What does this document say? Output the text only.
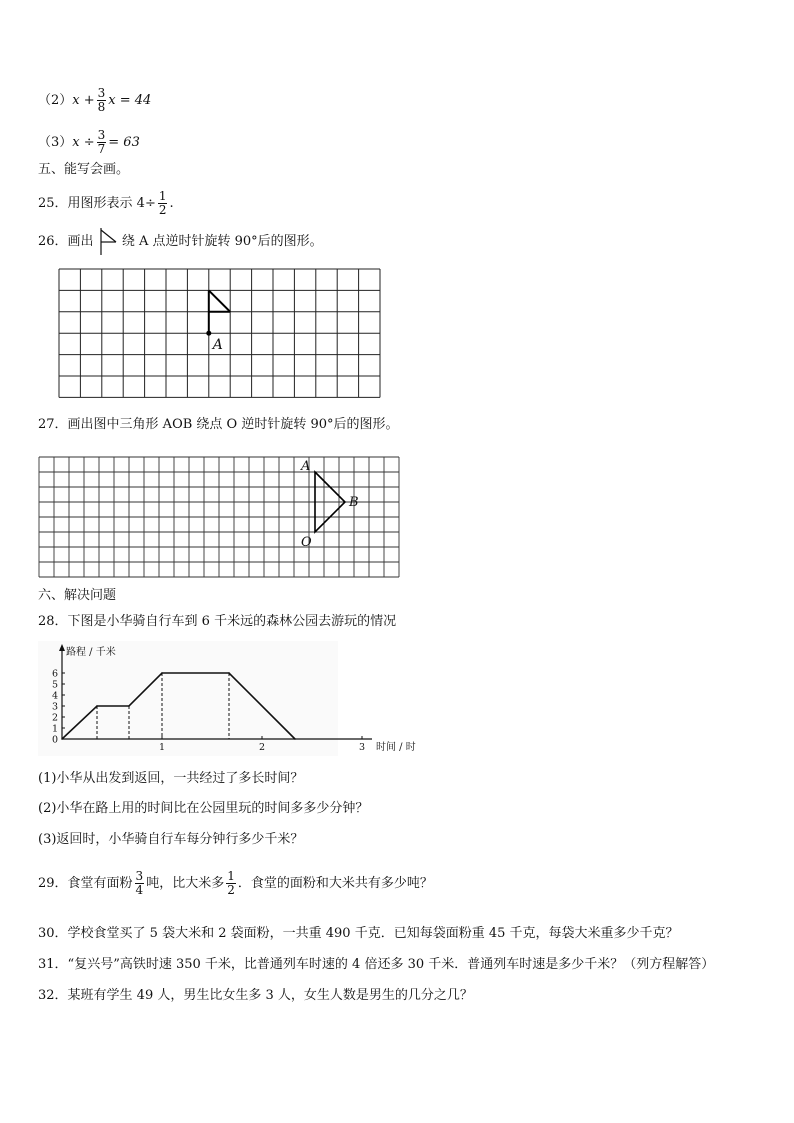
$(2)x + \frac{3}{8}$ x = 44
$(3)x \div \frac{3}{7} = 63$
五、能写会画。
25．用图形表示 $4\div \frac{1}{2}$ .
26．画出 绕 A 点逆时针旋转 90°后的图形。
A
27．画出图中三角形 AOB 绕点 O 逆时针旋转 90°后的图形。
A
B
O
六、解决问题
28．下图是小华骑自行车到 6 千米远的森林公园去游玩的情况
路程 / 千米
0
1
2
3
4
5
6
1	2	3 时间 / 时
(1)小华从出发到返回，一共经过了多长时间？
(2)小华在路上用的时间比在公园里玩的时间多多少分钟？
(3)返回时，小华骑自行车每分钟行多少千米？
29．食堂有面粉 $\frac{3}{4}$ 吨，比大米多 $\frac{1}{2}$ ．食堂的面粉和大米共有多少吨？
30．学校食堂买了 5 袋大米和 2 袋面粉，一共重 490 千克．已知每袋面粉重 45 千克，每袋大米重多少千克？
31．“复兴号”高铁时速 350 千米，比普通列车时速的 4 倍还多 30 千米．普通列车时速是多少千米？（列方程解答）
32．某班有学生 49 人，男生比女生多 3 人，女生人数是男生的几分之几？
